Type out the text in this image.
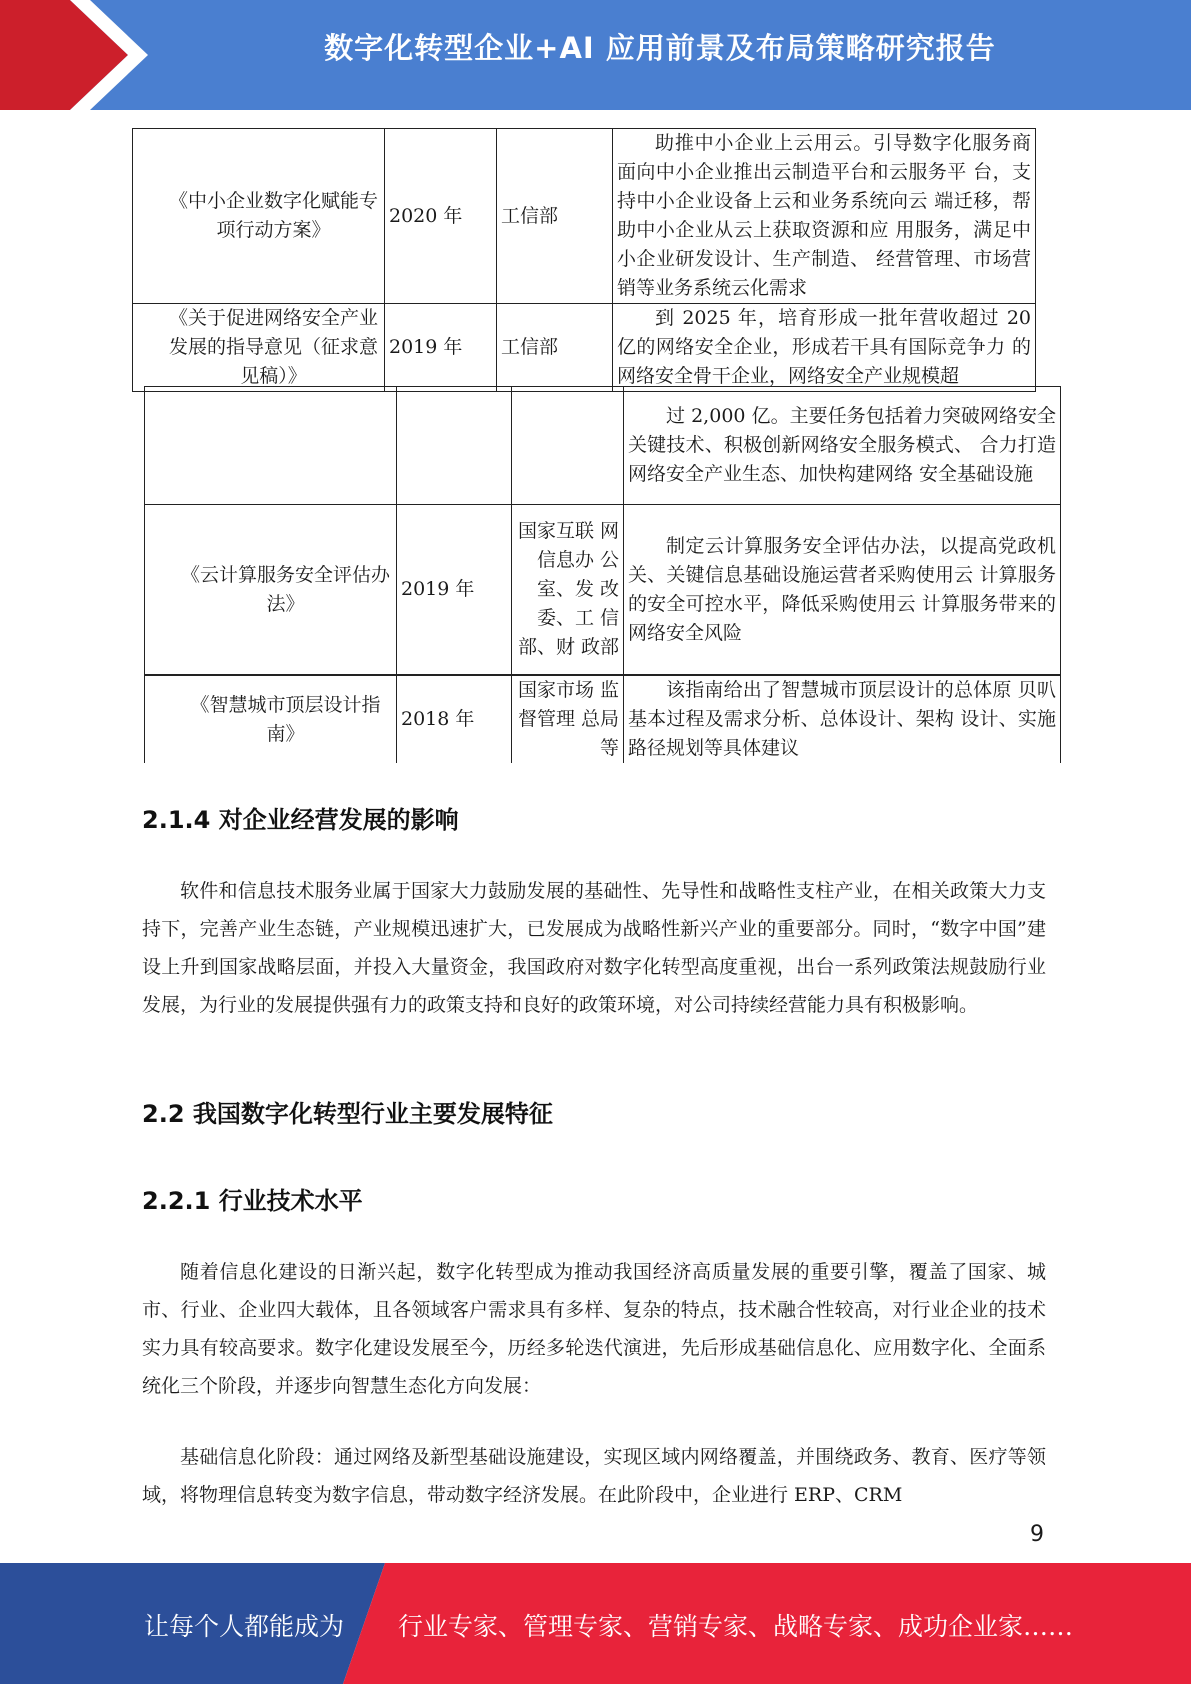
数字化转型企业+AI 应用前景及布局策略研究报告
《中小企业数字化赋能专项行动方案》	2020 年	工信部	助推中小企业上云用云。引导数字化服务商面向中小企业推出云制造平台和云服务平 台，支持中小企业设备上云和业务系统向云 端迁移，帮助中小企业从云上获取资源和应 用服务，满足中小企业研发设计、生产制造、 经营管理、市场营销等业务系统云化需求
《关于促进网络安全产业发展的指导意见（征求意见稿）》	2019 年	工信部	到 2025 年，培育形成一批年营收超过 20 亿的网络安全企业，形成若干具有国际竞争力 的网络安全骨干企业，网络安全产业规模超
			过 2,000 亿。主要任务包括着力突破网络安全关键技术、积极创新网络安全服务模式、 合力打造网络安全产业生态、加快构建网络 安全基础设施
《云计算服务安全评估办法》	2019 年	国家互联 网信息办 公室、发 改委、工 信部、财 政部	制定云计算服务安全评估办法，以提高党政机关、关键信息基础设施运营者采购使用云 计算服务的安全可控水平，降低采购使用云 计算服务带来的网络安全风险
《智慧城市顶层设计指南》	2018 年	国家市场 监督管理 总局等	该指南给出了智慧城市顶层设计的总体原 贝叭基本过程及需求分析、总体设计、架构 设计、实施路径规划等具体建议
2.1.4 对企业经营发展的影响

软件和信息技术服务业属于国家大力鼓励发展的基础性、先导性和战略性支柱产业，在相关政策大力支持下，完善产业生态链，产业规模迅速扩大，已发展成为战略性新兴产业的重要部分。同时，“数字中国”建设上升到国家战略层面，并投入大量资金，我国政府对数字化转型高度重视，出台一系列政策法规鼓励行业发展，为行业的发展提供强有力的政策支持和良好的政策环境，对公司持续经营能力具有积极影响。

2.2 我国数字化转型行业主要发展特征
2.2.1 行业技术水平

随着信息化建设的日渐兴起，数字化转型成为推动我国经济高质量发展的重要引擎，覆盖了国家、城市、行业、企业四大载体，且各领域客户需求具有多样、复杂的特点，技术融合性较高，对行业企业的技术实力具有较高要求。数字化建设发展至今，历经多轮迭代演进，先后形成基础信息化、应用数字化、全面系统化三个阶段，并逐步向智慧生态化方向发展：

基础信息化阶段：通过网络及新型基础设施建设，实现区域内网络覆盖，并围绕政务、教育、医疗等领域，将物理信息转变为数字信息，带动数字经济发展。在此阶段中，企业进行 ERP、CRM

9
让每个人都能成为 行业专家、管理专家、营销专家、战略专家、成功企业家……
